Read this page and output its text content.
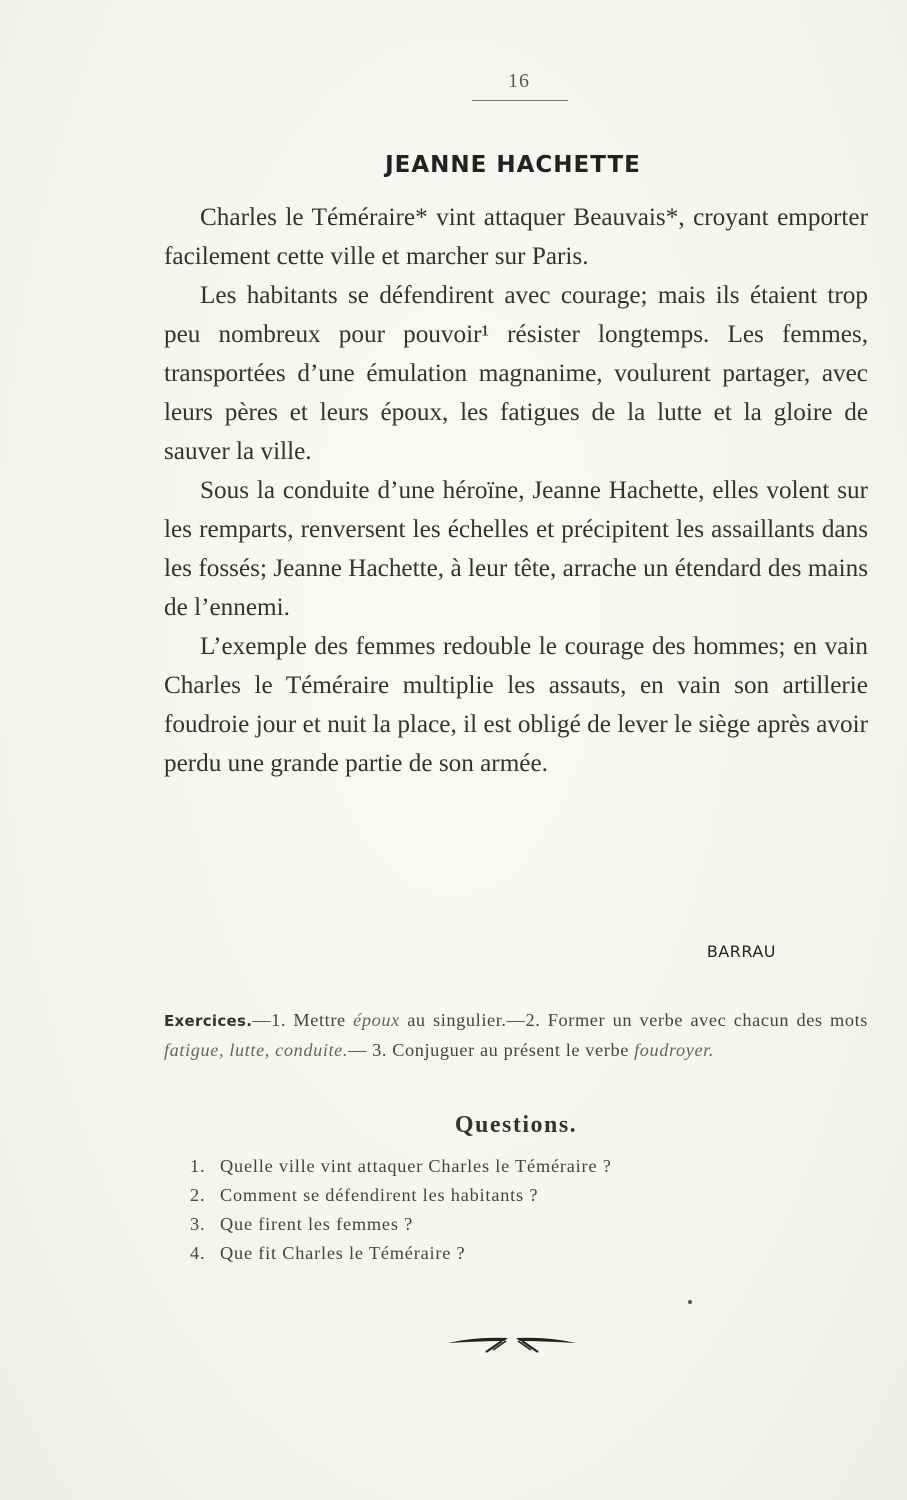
16
JEANNE HACHETTE

Charles le Téméraire* vint attaquer Beauvais*, croyant emporter facilement cette ville et marcher sur Paris.

Les habitants se défendirent avec courage; mais ils étaient trop peu nombreux pour pouvoir¹ résister longtemps. Les femmes, transportées d’une émulation magnanime, voulurent partager, avec leurs pères et leurs époux, les fatigues de la lutte et la gloire de sauver la ville.

Sous la conduite d’une héroïne, Jeanne Hachette, elles volent sur les remparts, renversent les échelles et précipitent les assaillants dans les fossés; Jeanne Hachette, à leur tête, arrache un étendard des mains de l’ennemi.

L’exemple des femmes redouble le courage des hommes; en vain Charles le Téméraire multiplie les assauts, en vain son artillerie foudroie jour et nuit la place, il est obligé de lever le siège après avoir perdu une grande partie de son armée.

BARRAU
Exercices.—1. Mettre époux au singulier.—2. Former un verbe avec chacun des mots fatigue, lutte, conduite.— 3. Conjuguer au présent le verbe foudroyer.
Questions.
1. Quelle ville vint attaquer Charles le Téméraire ?
2. Comment se défendirent les habitants ?
3. Que firent les femmes ?
4. Que fit Charles le Téméraire ?
